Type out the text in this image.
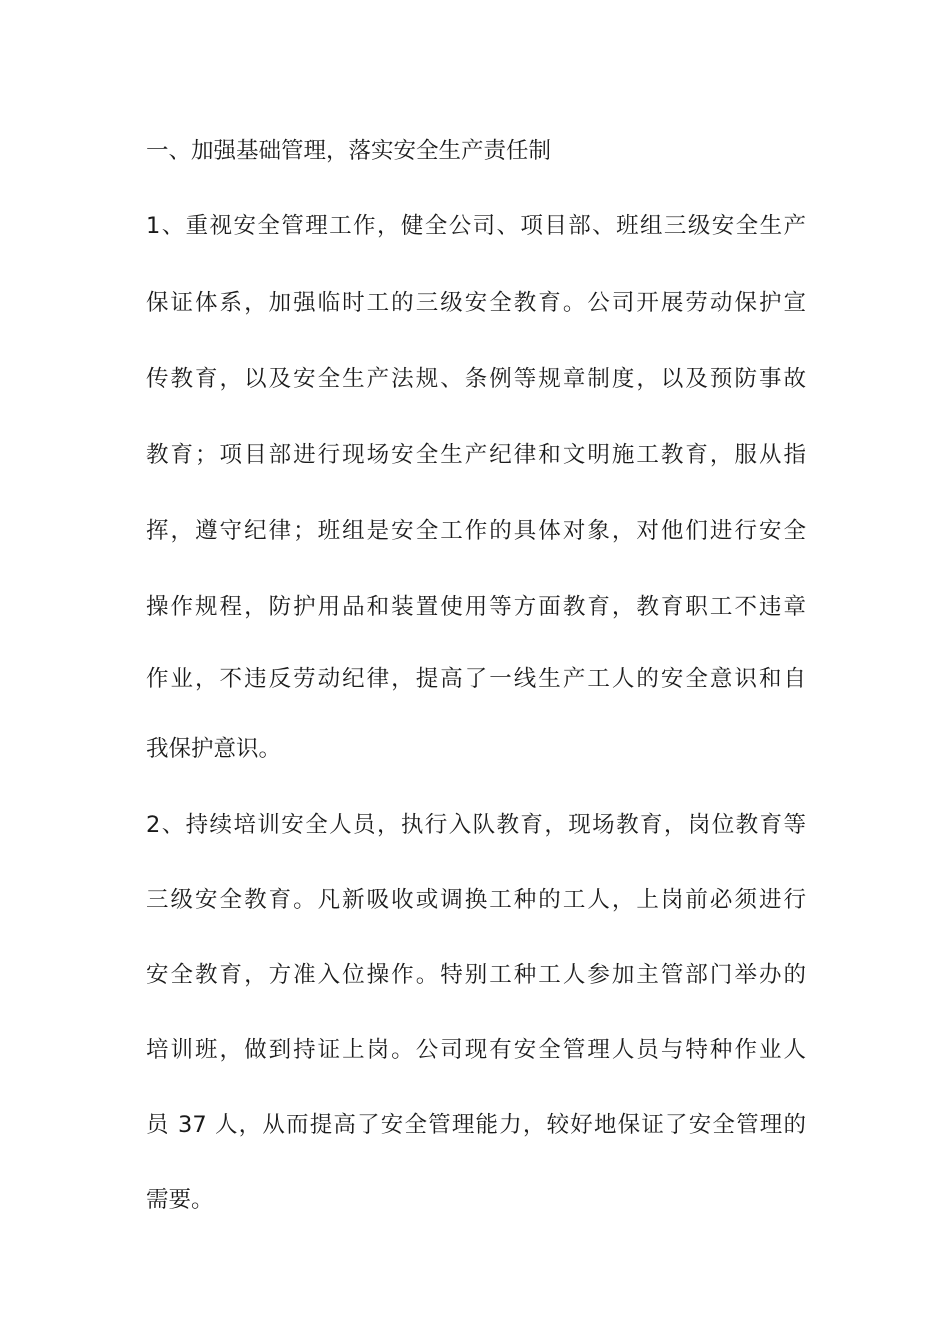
一、加强基础管理，落实安全生产责任制
1、重视安全管理工作，健全公司、项目部、班组三级安全生产
保证体系，加强临时工的三级安全教育。公司开展劳动保护宣
传教育，以及安全生产法规、条例等规章制度，以及预防事故
教育；项目部进行现场安全生产纪律和文明施工教育，服从指
挥，遵守纪律；班组是安全工作的具体对象，对他们进行安全
操作规程，防护用品和装置使用等方面教育，教育职工不违章
作业，不违反劳动纪律，提高了一线生产工人的安全意识和自
我保护意识。
2、持续培训安全人员，执行入队教育，现场教育，岗位教育等
三级安全教育。凡新吸收或调换工种的工人，上岗前必须进行
安全教育，方准入位操作。特别工种工人参加主管部门举办的
培训班，做到持证上岗。公司现有安全管理人员与特种作业人
员 37 人，从而提高了安全管理能力，较好地保证了安全管理的
需要。
